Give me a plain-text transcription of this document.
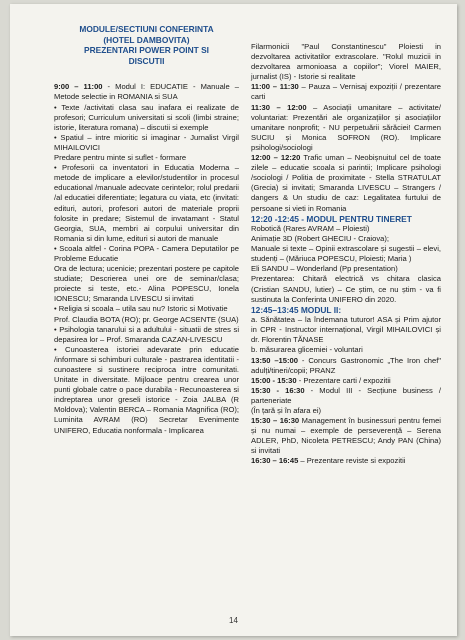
MODULE/SECTIUNI CONFERINTA
(HOTEL DAMBOVITA)
PREZENTARI POWER POINT SI
DISCUTII

9:00 – 11:00 - Modul I: EDUCATIE - Manuale – Metode selectie in ROMANIA si SUA

• Texte /activitati clasa sau inafara ei realizate de profesori; Curriculum universitati si scoli (limbi straine; istorie, literatura romana) – discutii si exemple

• Spatiul – intre mioritic si imaginar - Jurnalist Virgil MIHAILOVICI

Predare pentru minte si suflet - formare

• Profesorii ca inventatori in Educatia Moderna – metode de implicare a elevilor/studentilor in procesul educational /manuale adecvate cerintelor; rolul predarii /al educatiei diferentiate; legatura cu viata, etc (invitati: edituri, autori, profesori autori de materiale proprii folosite in predare; Sistemul de invatamant - Statul Georgia, SUA, membri ai corpului universitar din Romania si din lume, edituri si autori de manuale

• Scoala altfel - Corina POPA - Camera Deputatilor pe Probleme Educatie

Ora de lectura; ucenicie; prezentari postere pe capitole studiate; Descrierea unei ore de seminar/clasa; proiecte si teste, etc.- Alina POPESCU, Ionela IONESCU; Smaranda LIVESCU si invitati

• Religia si scoala – utila sau nu? Istoric si Motivatie

Prof. Claudia BOTA (RO); pr. George ACSENTE (SUA)

• Psihologia tanarului si a adultului - situatii de stres si depasirea lor – Prof. Smaranda CAZAN-LIVESCU

• Cunoasterea istoriei adevarate prin educatie /informare si schimburi culturale - pastrarea identitatii - cunoastere si sustinere reciproca intre comunitati. Unitate in diversitate. Mijloace pentru crearea unor punti globale catre o pace durabila - Recunoasterea si indreptarea unor greseli istorice - Zoia JALBA (R Moldova); Valentin BERCA – Romania Magnifica (RO); Luminita AVRAM (RO) Secretar Evenimente UNIFERO, Educatia nonformala - Implicarea

Filarmonicii "Paul Constantinescu" Ploiesti in dezvoltarea activitatilor extrascolare. "Rolul muzicii in dezvoltarea armonioasa a copiilor"; Viorel MAIER, jurnalist (IS) - Istorie si realitate

11:00 – 11:30 – Pauza – Vernisaj expoziții / prezentare carti

11:30 – 12:00 – Asociații umanitare – activitate/ voluntariat: Prezentări ale organizațiilor și asociațiilor umanitare nonprofit; - NU perpetuării sărăciei! Carmen SUCIU și Monica SOFRON (RO). Implicare psihologi/sociologi

12:00 – 12:20 Trafic uman – Neobișnuitul cel de toate zilele – educatie scoala si parintii; Implicare psihologi /sociologi / Politia de proximitate - Stella STRATULAT (Grecia) si invitati; Smaranda LIVESCU – Strangers / dangers & Un studiu de caz: Legalitatea furtului de persoane si vieti in Romania

12:20 -12:45 - MODUL PENTRU TINERET

Robotică (Rares AVRAM – Ploiesti)

Animație 3D (Robert GHECIU - Craiova);

Manuale si texte – Opinii extrascolare și sugestii – elevi, studenți – (Măriuca POPESCU, Ploiesti; Maria )

Eli SANDU – Wonderland (Pp presentation)

Prezentarea: Chitară electrică vs chitara clasica (Cristian SANDU, lutier) – Ce știm, ce nu știm - va fi sustinuta la Conferinta UNIFERO din 2020.

12:45–13:45 MODUL II:

a. Sănătatea – la îndemana tuturor! ASA și Prim ajutor in CPR - Instructor internațional, Virgil MIHAILOVICI și dr. Florentin TĂNASE

b. măsurarea glicemiei - voluntari

13:50 –15:00 - Concurs Gastronomic „The Iron chef" adulți/tineri/copii; PRANZ

15:00 - 15:30 - Prezentare carti / expozitii

15:30 - 16:30 - Modul III - Secțiune business / parteneriate

(În țară și în afara ei)

15:30 – 16:30 Management în businessuri pentru femei și nu numai – exemple de perseverență – Serena ADLER, PhD, Nicoleta PETRESCU; Andy PAN (China) si invitati

16:30 – 16:45 – Prezentare reviste si expozitii

14
